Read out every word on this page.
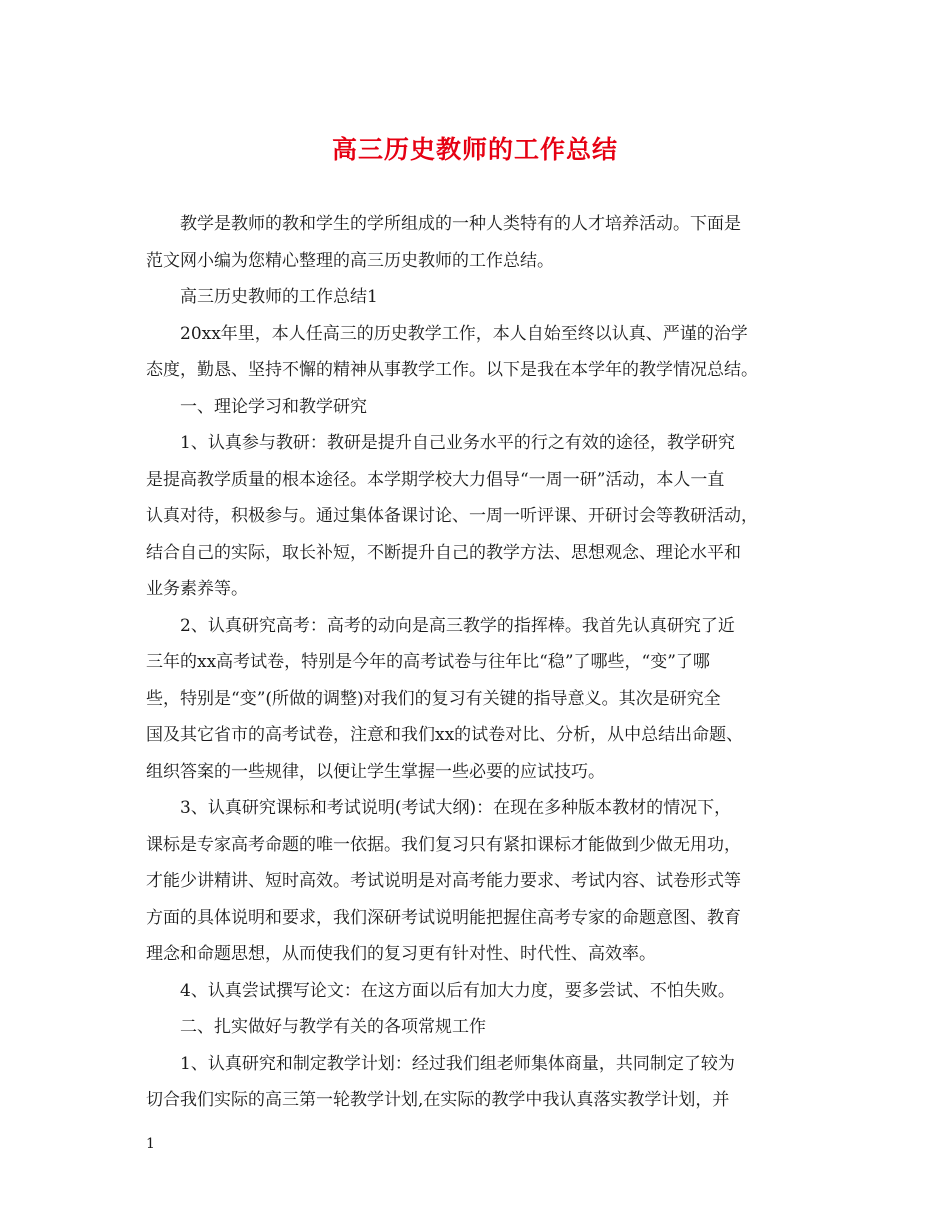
高三历史教师的工作总结

教学是教师的教和学生的学所组成的一种人类特有的人才培养活动。下面是

范文网小编为您精心整理的高三历史教师的工作总结。

高三历史教师的工作总结1

20xx年里，本人任高三的历史教学工作，本人自始至终以认真、严谨的治学

态度，勤恳、坚持不懈的精神从事教学工作。以下是我在本学年的教学情况总结。

一、理论学习和教学研究

1、认真参与教研：教研是提升自己业务水平的行之有效的途径，教学研究

是提高教学质量的根本途径。本学期学校大力倡导“一周一研”活动，本人一直

认真对待，积极参与。通过集体备课讨论、一周一听评课、开研讨会等教研活动，

结合自己的实际，取长补短，不断提升自己的教学方法、思想观念、理论水平和

业务素养等。

2、认真研究高考：高考的动向是高三教学的指挥棒。我首先认真研究了近

三年的xx高考试卷，特别是今年的高考试卷与往年比“稳”了哪些，“变”了哪

些，特别是“变”(所做的调整)对我们的复习有关键的指导意义。其次是研究全

国及其它省市的高考试卷，注意和我们xx的试卷对比、分析，从中总结出命题、

组织答案的一些规律，以便让学生掌握一些必要的应试技巧。

3、认真研究课标和考试说明(考试大纲)：在现在多种版本教材的情况下，

课标是专家高考命题的唯一依据。我们复习只有紧扣课标才能做到少做无用功，

才能少讲精讲、短时高效。考试说明是对高考能力要求、考试内容、试卷形式等

方面的具体说明和要求，我们深研考试说明能把握住高考专家的命题意图、教育

理念和命题思想，从而使我们的复习更有针对性、时代性、高效率。

4、认真尝试撰写论文：在这方面以后有加大力度，要多尝试、不怕失败。

二、扎实做好与教学有关的各项常规工作

1、认真研究和制定教学计划：经过我们组老师集体商量，共同制定了较为

切合我们实际的高三第一轮教学计划,在实际的教学中我认真落实教学计划，并

1
